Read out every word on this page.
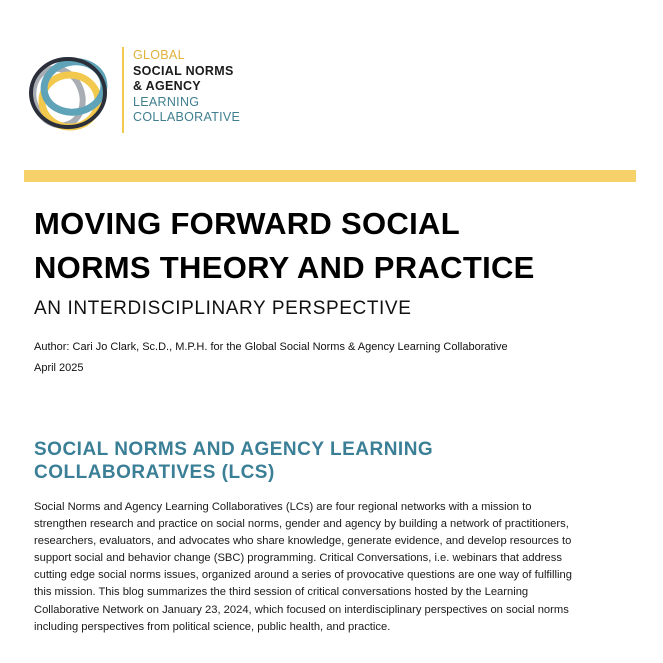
GLOBAL
SOCIAL NORMS
& AGENCY
LEARNING
COLLABORATIVE
MOVING FORWARD SOCIAL
NORMS THEORY AND PRACTICE
AN INTERDISCIPLINARY PERSPECTIVE
Author: Cari Jo Clark, Sc.D., M.P.H. for the Global Social Norms & Agency Learning Collaborative
April 2025
SOCIAL NORMS AND AGENCY LEARNING
COLLABORATIVES (LCS)
Social Norms and Agency Learning Collaboratives (LCs) are four regional networks with a mission to
strengthen research and practice on social norms, gender and agency by building a network of practitioners,
researchers, evaluators, and advocates who share knowledge, generate evidence, and develop resources to
support social and behavior change (SBC) programming. Critical Conversations, i.e. webinars that address
cutting edge social norms issues, organized around a series of provocative questions are one way of fulfilling
this mission. This blog summarizes the third session of critical conversations hosted by the Learning
Collaborative Network on January 23, 2024, which focused on interdisciplinary perspectives on social norms
including perspectives from political science, public health, and practice.
